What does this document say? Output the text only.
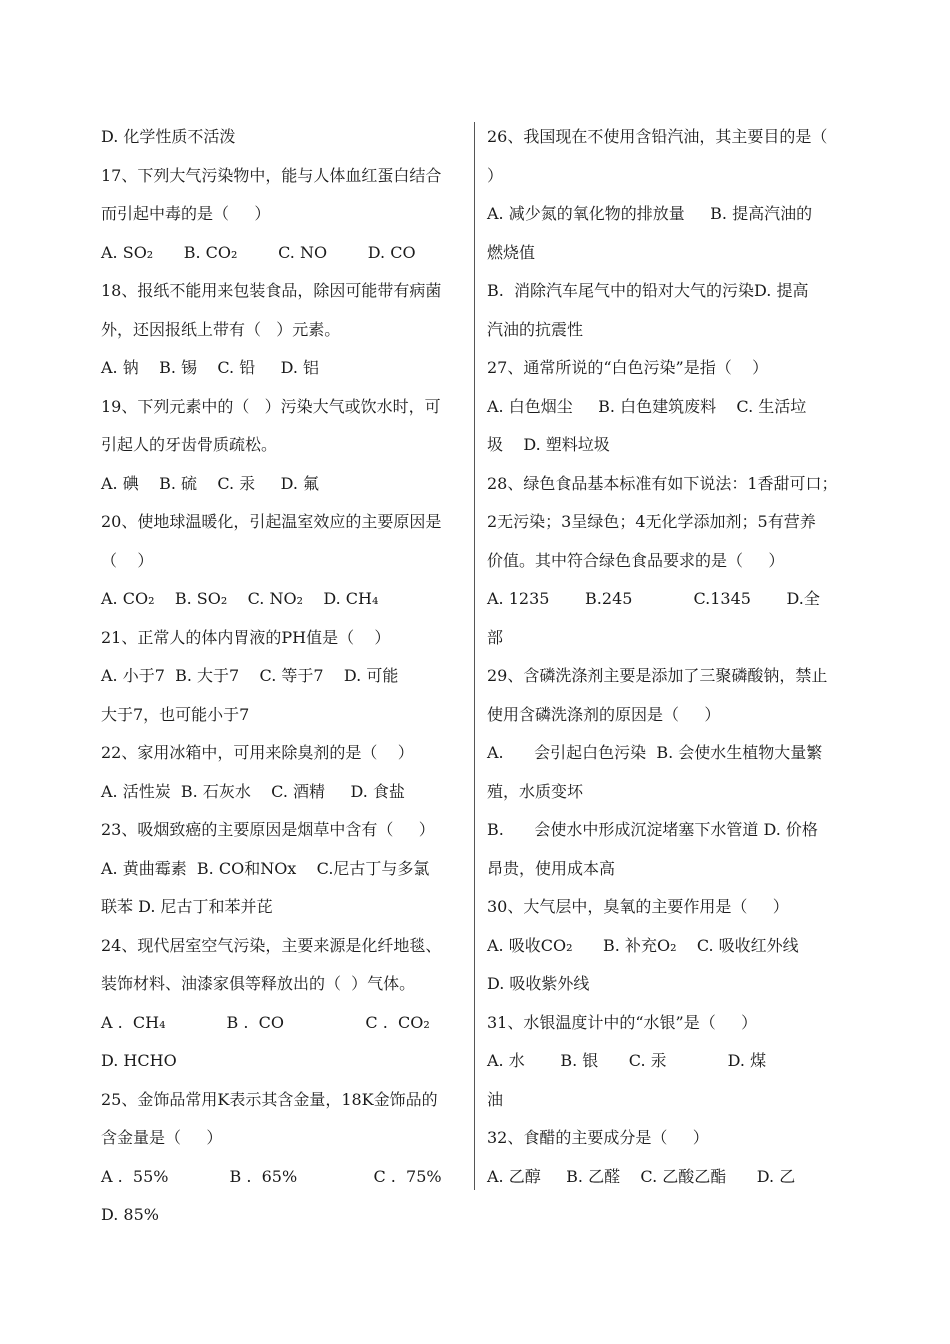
D. 化学性质不活泼
17、下列大气污染物中，能与人体血红蛋白结合
而引起中毒的是（     ）
A. SO₂      B. CO₂        C. NO        D. CO
18、报纸不能用来包装食品，除因可能带有病菌
外，还因报纸上带有（   ）元素。
A. 钠    B. 锡    C. 铅     D. 铝
19、下列元素中的（   ）污染大气或饮水时，可
引起人的牙齿骨质疏松。
A. 碘    B. 硫    C. 汞     D. 氟
20、使地球温暖化，引起温室效应的主要原因是
（    ）
A. CO₂    B. SO₂    C. NO₂    D. CH₄
21、正常人的体内胃液的PH值是（    ）
A. 小于7  B. 大于7    C. 等于7    D. 可能
大于7，也可能小于7
22、家用冰箱中，可用来除臭剂的是（    ）
A. 活性炭  B. 石灰水    C. 酒精     D. 食盐
23、吸烟致癌的主要原因是烟草中含有（     ）
A. 黄曲霉素  B. CO和NOx    C.尼古丁与多氯
联苯 D. 尼古丁和苯并芘
24、现代居室空气污染，主要来源是化纤地毯、
装饰材料、油漆家俱等释放出的（  ）气体。
A .  CH₄            B .  CO                C .  CO₂
D. HCHO
25、金饰品常用K表示其含金量，18K金饰品的
含金量是（     ）
A .  55%            B .  65%               C .  75%
D. 85%
26、我国现在不使用含铅汽油，其主要目的是（
）
A. 减少氮的氧化物的排放量     B. 提高汽油的
燃烧值
B.  消除汽车尾气中的铅对大气的污染D. 提高
汽油的抗震性
27、通常所说的“白色污染”是指（    ）
A. 白色烟尘     B. 白色建筑废料    C. 生活垃
圾    D. 塑料垃圾
28、绿色食品基本标准有如下说法：1香甜可口；
2无污染；3呈绿色；4无化学添加剂；5有营养
价值。其中符合绿色食品要求的是（     ）
A. 1235       B.245            C.1345       D.全
部
29、含磷洗涤剂主要是添加了三聚磷酸钠，禁止
使用含磷洗涤剂的原因是（     ）
A.      会引起白色污染  B. 会使水生植物大量繁
殖，水质变坏
B.      会使水中形成沉淀堵塞下水管道 D. 价格
昂贵，使用成本高
30、大气层中，臭氧的主要作用是（     ）
A. 吸收CO₂      B. 补充O₂    C. 吸收红外线
D. 吸收紫外线
31、水银温度计中的“水银”是（     ）
A. 水       B. 银      C. 汞            D. 煤
油
32、食醋的主要成分是（     ）
A. 乙醇     B. 乙醛    C. 乙酸乙酯      D. 乙
